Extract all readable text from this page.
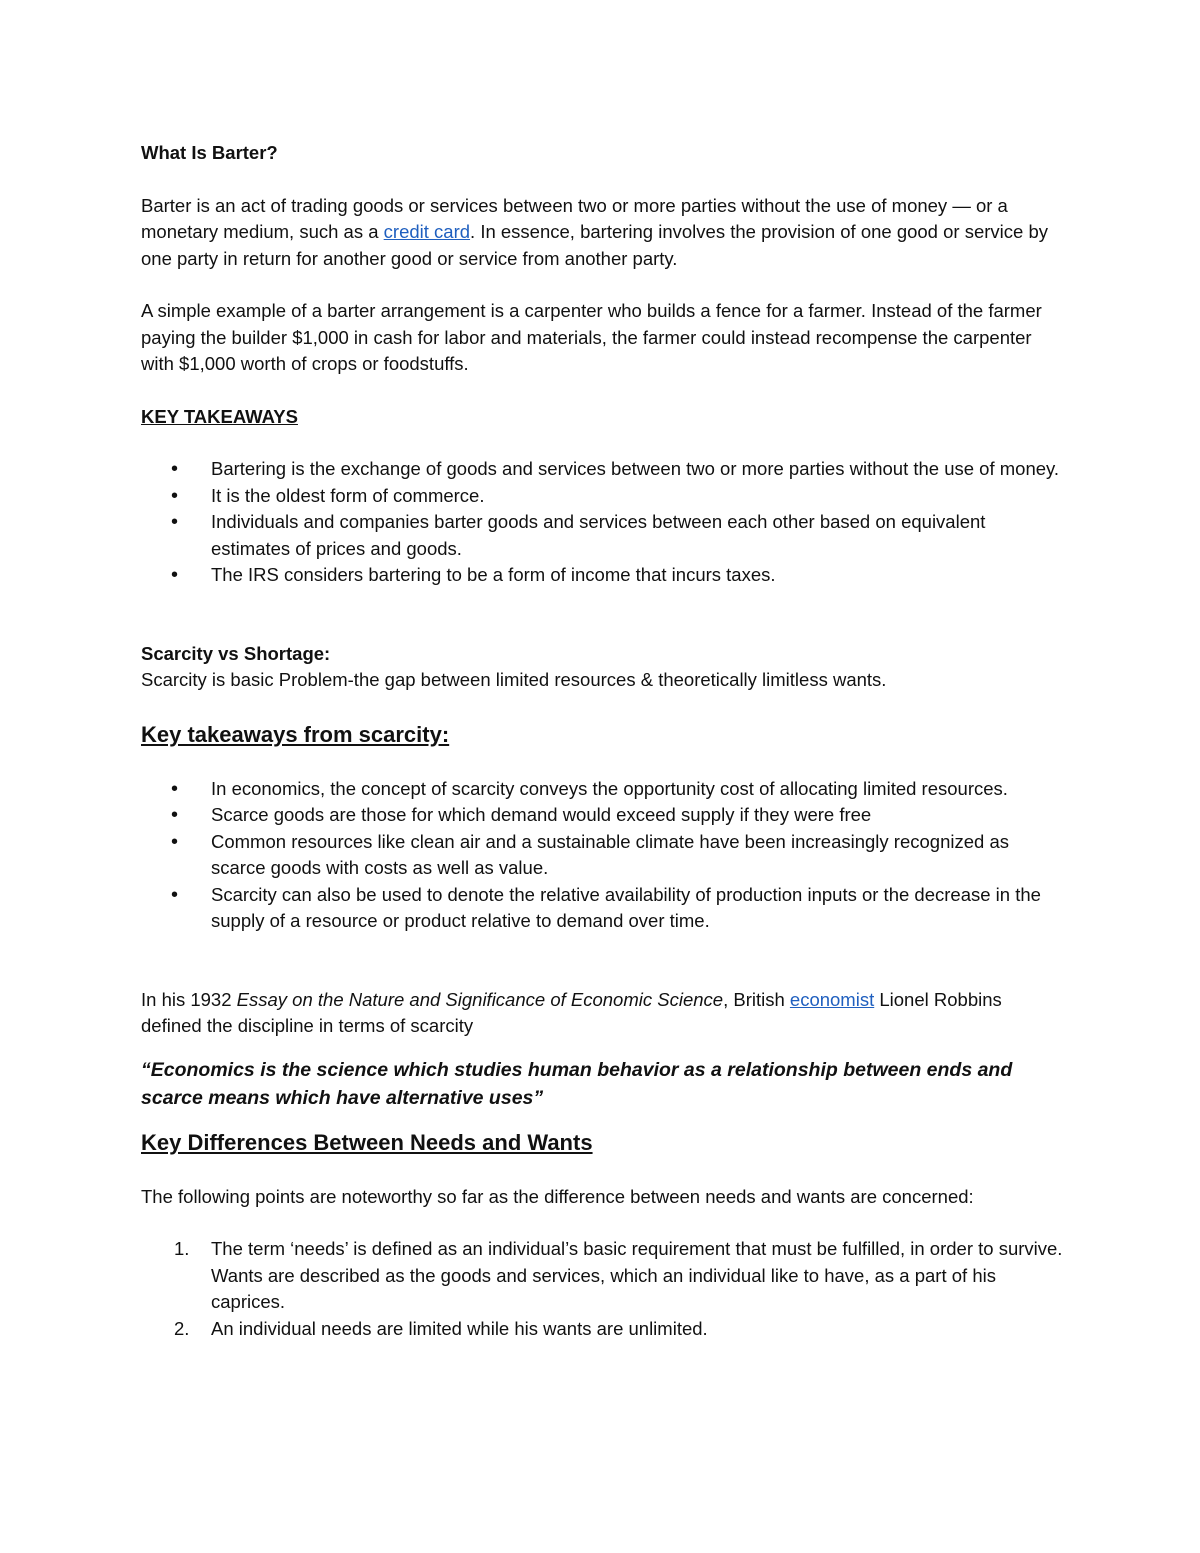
What Is Barter?

Barter is an act of trading goods or services between two or more parties without the use of money — or a monetary medium, such as a credit card. In essence, bartering involves the provision of one good or service by one party in return for another good or service from another party.

A simple example of a barter arrangement is a carpenter who builds a fence for a farmer. Instead of the farmer paying the builder $1,000 in cash for labor and materials, the farmer could instead recompense the carpenter with $1,000 worth of crops or foodstuffs.

KEY TAKEAWAYS

• Bartering is the exchange of goods and services between two or more parties without the use of money.
• It is the oldest form of commerce.
• Individuals and companies barter goods and services between each other based on equivalent estimates of prices and goods.
• The IRS considers bartering to be a form of income that incurs taxes.

Scarcity vs Shortage:

Scarcity is basic Problem-the gap between limited resources & theoretically limitless wants.

Key takeaways from scarcity:

• In economics, the concept of scarcity conveys the opportunity cost of allocating limited resources.
• Scarce goods are those for which demand would exceed supply if they were free
• Common resources like clean air and a sustainable climate have been increasingly recognized as scarce goods with costs as well as value.
• Scarcity can also be used to denote the relative availability of production inputs or the decrease in the supply of a resource or product relative to demand over time.

In his 1932 Essay on the Nature and Significance of Economic Science, British economist Lionel Robbins defined the discipline in terms of scarcity

“Economics is the science which studies human behavior as a relationship between ends and scarce means which have alternative uses”

Key Differences Between Needs and Wants

The following points are noteworthy so far as the difference between needs and wants are concerned:

1. The term ‘needs’ is defined as an individual’s basic requirement that must be fulfilled, in order to survive. Wants are described as the goods and services, which an individual like to have, as a part of his caprices.
2. An individual needs are limited while his wants are unlimited.
